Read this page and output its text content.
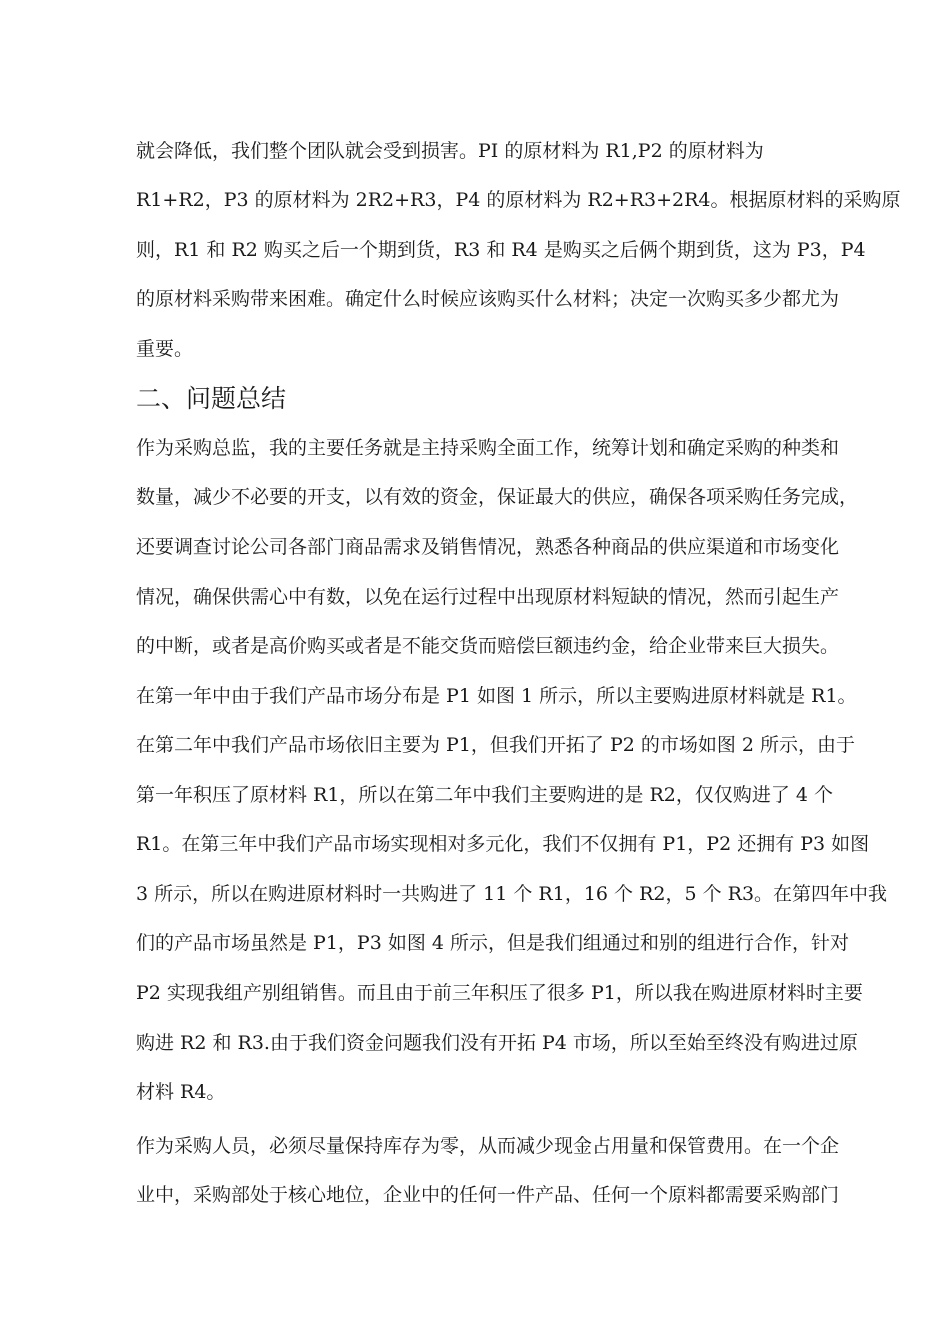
就会降低，我们整个团队就会受到损害。PI 的原材料为 R1,P2 的原材料为
R1+R2，P3 的原材料为 2R2+R3，P4 的原材料为 R2+R3+2R4。根据原材料的采购原
则，R1 和 R2 购买之后一个期到货，R3 和 R4 是购买之后俩个期到货，这为 P3，P4
的原材料采购带来困难。确定什么时候应该购买什么材料；决定一次购买多少都尤为
重要。
二、问题总结
作为采购总监，我的主要任务就是主持采购全面工作，统筹计划和确定采购的种类和
数量，减少不必要的开支，以有效的资金，保证最大的供应，确保各项采购任务完成，
还要调查讨论公司各部门商品需求及销售情况，熟悉各种商品的供应渠道和市场变化
情况，确保供需心中有数，以免在运行过程中出现原材料短缺的情况，然而引起生产
的中断，或者是高价购买或者是不能交货而赔偿巨额违约金，给企业带来巨大损失。
在第一年中由于我们产品市场分布是 P1 如图 1 所示，所以主要购进原材料就是 R1。
在第二年中我们产品市场依旧主要为 P1，但我们开拓了 P2 的市场如图 2 所示，由于
第一年积压了原材料 R1，所以在第二年中我们主要购进的是 R2，仅仅购进了 4 个
R1。在第三年中我们产品市场实现相对多元化，我们不仅拥有 P1，P2 还拥有 P3 如图
3 所示，所以在购进原材料时一共购进了 11 个 R1，16 个 R2，5 个 R3。在第四年中我
们的产品市场虽然是 P1，P3 如图 4 所示，但是我们组通过和别的组进行合作，针对
P2 实现我组产别组销售。而且由于前三年积压了很多 P1，所以我在购进原材料时主要
购进 R2 和 R3.由于我们资金问题我们没有开拓 P4 市场，所以至始至终没有购进过原
材料 R4。
作为采购人员，必须尽量保持库存为零，从而减少现金占用量和保管费用。在一个企
业中，采购部处于核心地位，企业中的任何一件产品、任何一个原料都需要采购部门
